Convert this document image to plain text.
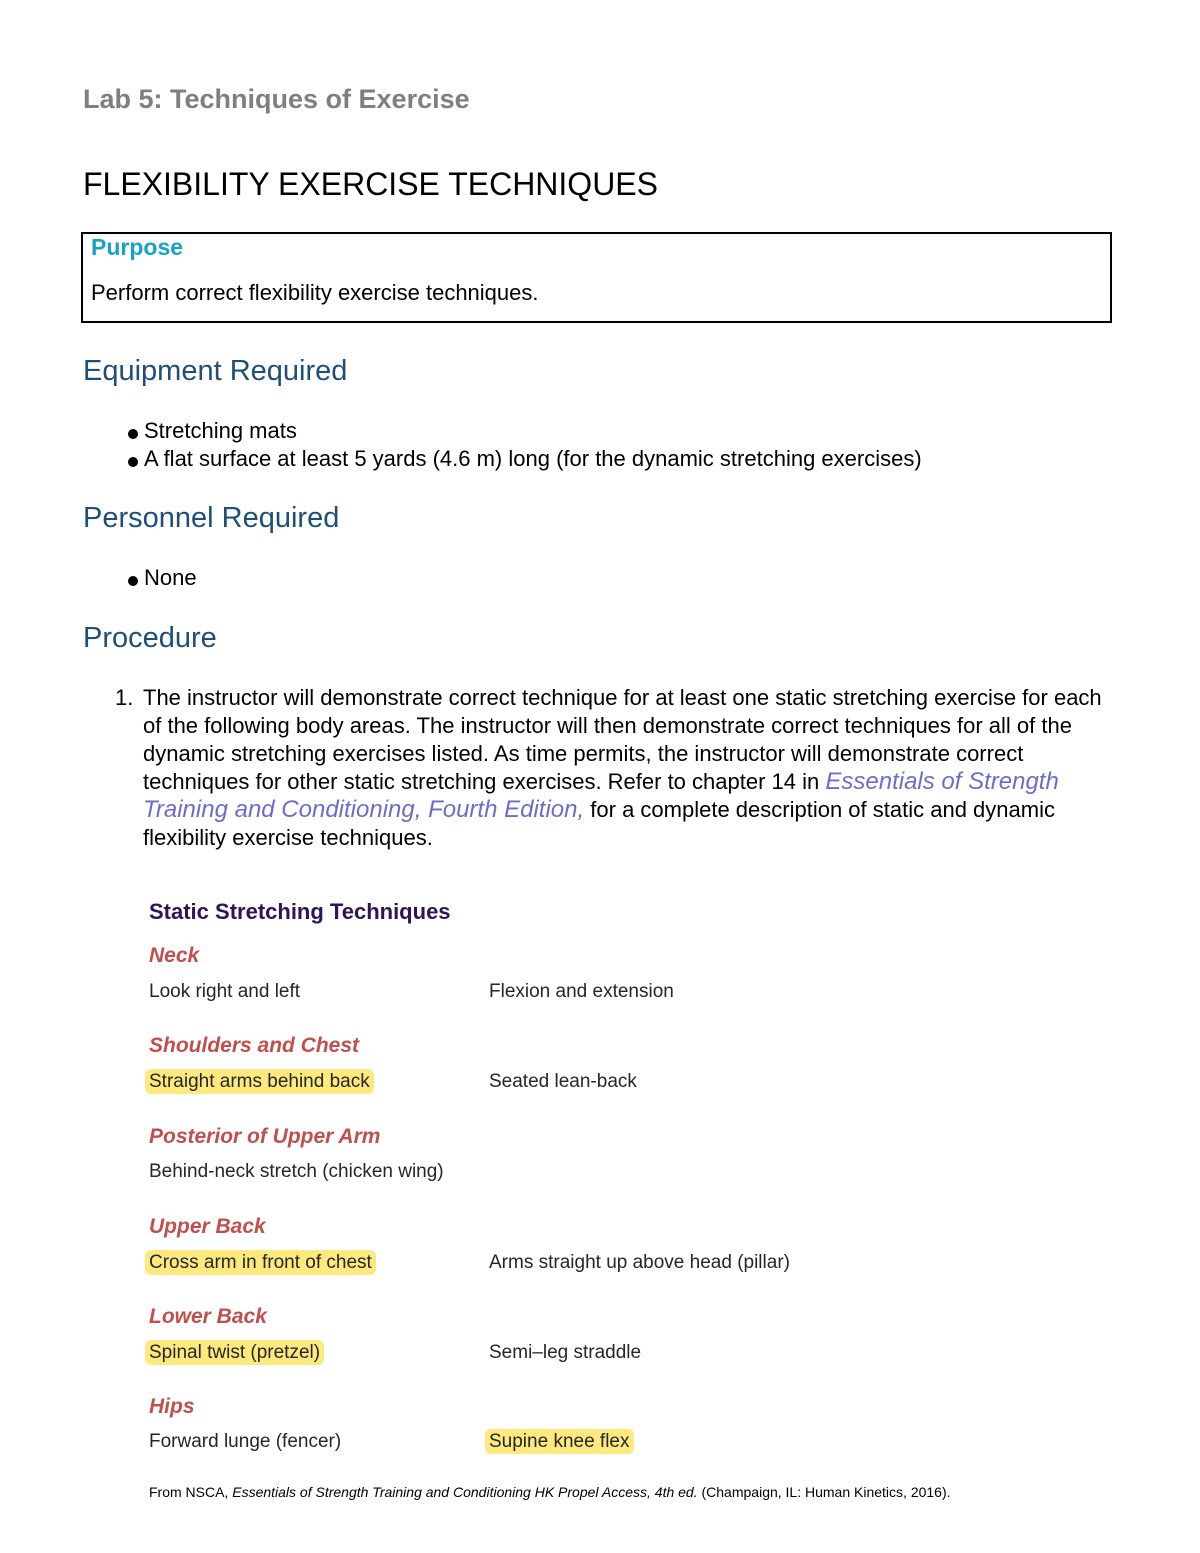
Lab 5: Techniques of Exercise
FLEXIBILITY EXERCISE TECHNIQUES
Purpose
Perform correct flexibility exercise techniques.
Equipment Required
Stretching mats
A flat surface at least 5 yards (4.6 m) long (for the dynamic stretching exercises)
Personnel Required
None
Procedure
1. The instructor will demonstrate correct technique for at least one static stretching exercise for each of the following body areas. The instructor will then demonstrate correct techniques for all of the dynamic stretching exercises listed. As time permits, the instructor will demonstrate correct techniques for other static stretching exercises. Refer to chapter 14 in Essentials of Strength Training and Conditioning, Fourth Edition, for a complete description of static and dynamic flexibility exercise techniques.
Static Stretching Techniques
Neck
Look right and left	Flexion and extension
Shoulders and Chest
Straight arms behind back	Seated lean-back
Posterior of Upper Arm
Behind-neck stretch (chicken wing)
Upper Back
Cross arm in front of chest	Arms straight up above head (pillar)
Lower Back
Spinal twist (pretzel)	Semi–leg straddle
Hips
Forward lunge (fencer)	Supine knee flex
From NSCA, Essentials of Strength Training and Conditioning HK Propel Access, 4th ed. (Champaign, IL: Human Kinetics, 2016).
